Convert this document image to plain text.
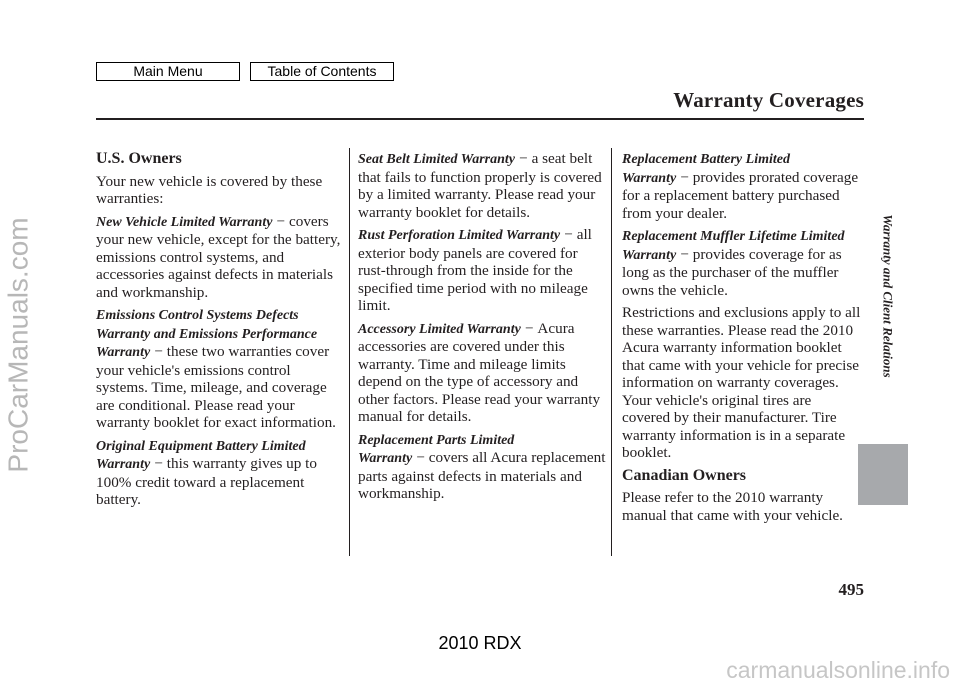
Main Menu	Table of Contents
Warranty Coverages
Warranty and Client Relations

U.S. Owners

Your new vehicle is covered by these warranties:

New Vehicle Limited Warranty − covers your new vehicle, except for the battery, emissions control systems, and accessories against defects in materials and workmanship.

Emissions Control Systems Defects Warranty and Emissions Performance Warranty − these two warranties cover your vehicle's emissions control systems. Time, mileage, and coverage are conditional. Please read your warranty booklet for exact information.

Original Equipment Battery Limited Warranty − this warranty gives up to 100% credit toward a replacement battery.

Seat Belt Limited Warranty − a seat belt that fails to function properly is covered by a limited warranty. Please read your warranty booklet for details.

Rust Perforation Limited Warranty − all exterior body panels are covered for rust-through from the inside for the specified time period with no mileage limit.

Accessory Limited Warranty − Acura accessories are covered under this warranty. Time and mileage limits depend on the type of accessory and other factors. Please read your warranty manual for details.

Replacement Parts Limited Warranty − covers all Acura replacement parts against defects in materials and workmanship.

Replacement Battery Limited Warranty − provides prorated coverage for a replacement battery purchased from your dealer.

Replacement Muffler Lifetime Limited Warranty − provides coverage for as long as the purchaser of the muffler owns the vehicle.

Restrictions and exclusions apply to all these warranties. Please read the 2010 Acura warranty information booklet that came with your vehicle for precise information on warranty coverages. Your vehicle's original tires are covered by their manufacturer. Tire warranty information is in a separate booklet.

Canadian Owners

Please refer to the 2010 warranty manual that came with your vehicle.

495
2010 RDX
ProCarManuals.com
carmanualsonline.info
